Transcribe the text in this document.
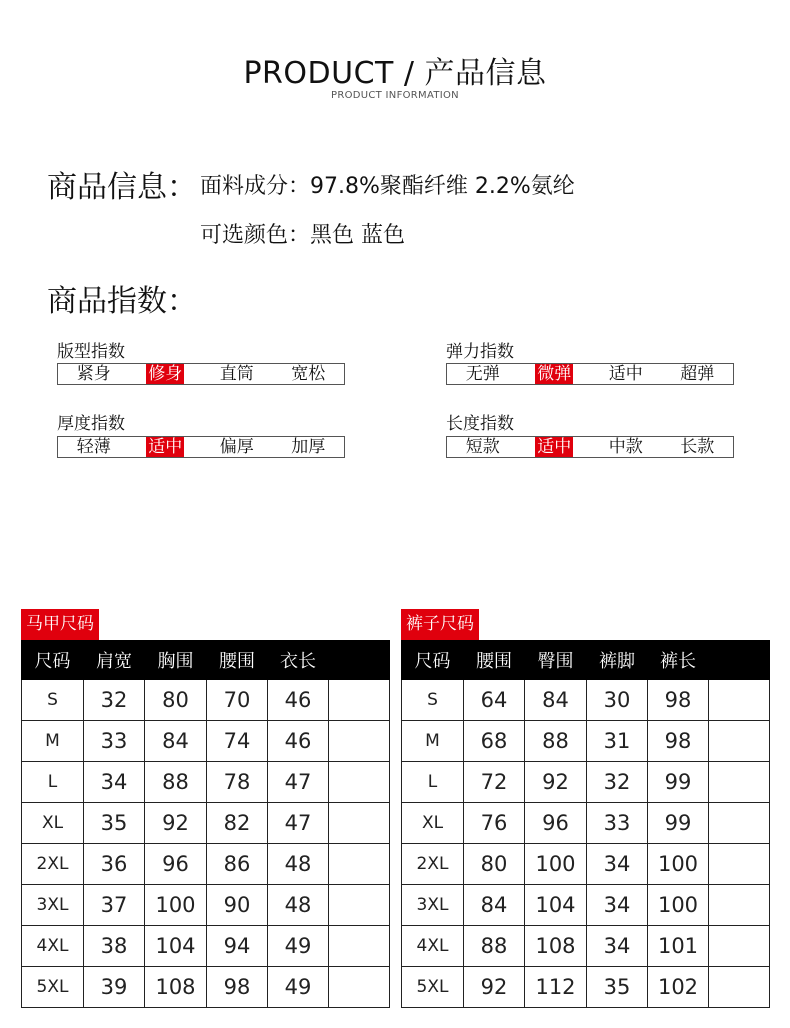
PRODUCT / 产品信息
PRODUCT INFORMATION
商品信息： 面料成分：97.8%聚酯纤维 2.2%氨纶
可选颜色：黑色 蓝色
商品指数：
版型指数
紧身 修身 直筒 宽松
弹力指数
无弹 微弹 适中 超弹
厚度指数
轻薄 适中 偏厚 加厚
长度指数
短款 适中 中款 长款
马甲尺码
尺码	肩宽	胸围	腰围	衣长	
S	32	80	70	46	
M	33	84	74	46	
L	34	88	78	47	
XL	35	92	82	47	
2XL	36	96	86	48	
3XL	37	100	90	48	
4XL	38	104	94	49	
5XL	39	108	98	49	
裤子尺码
尺码	腰围	臀围	裤脚	裤长	
S	64	84	30	98	
M	68	88	31	98	
L	72	92	32	99	
XL	76	96	33	99	
2XL	80	100	34	100	
3XL	84	104	34	100	
4XL	88	108	34	101	
5XL	92	112	35	102	
